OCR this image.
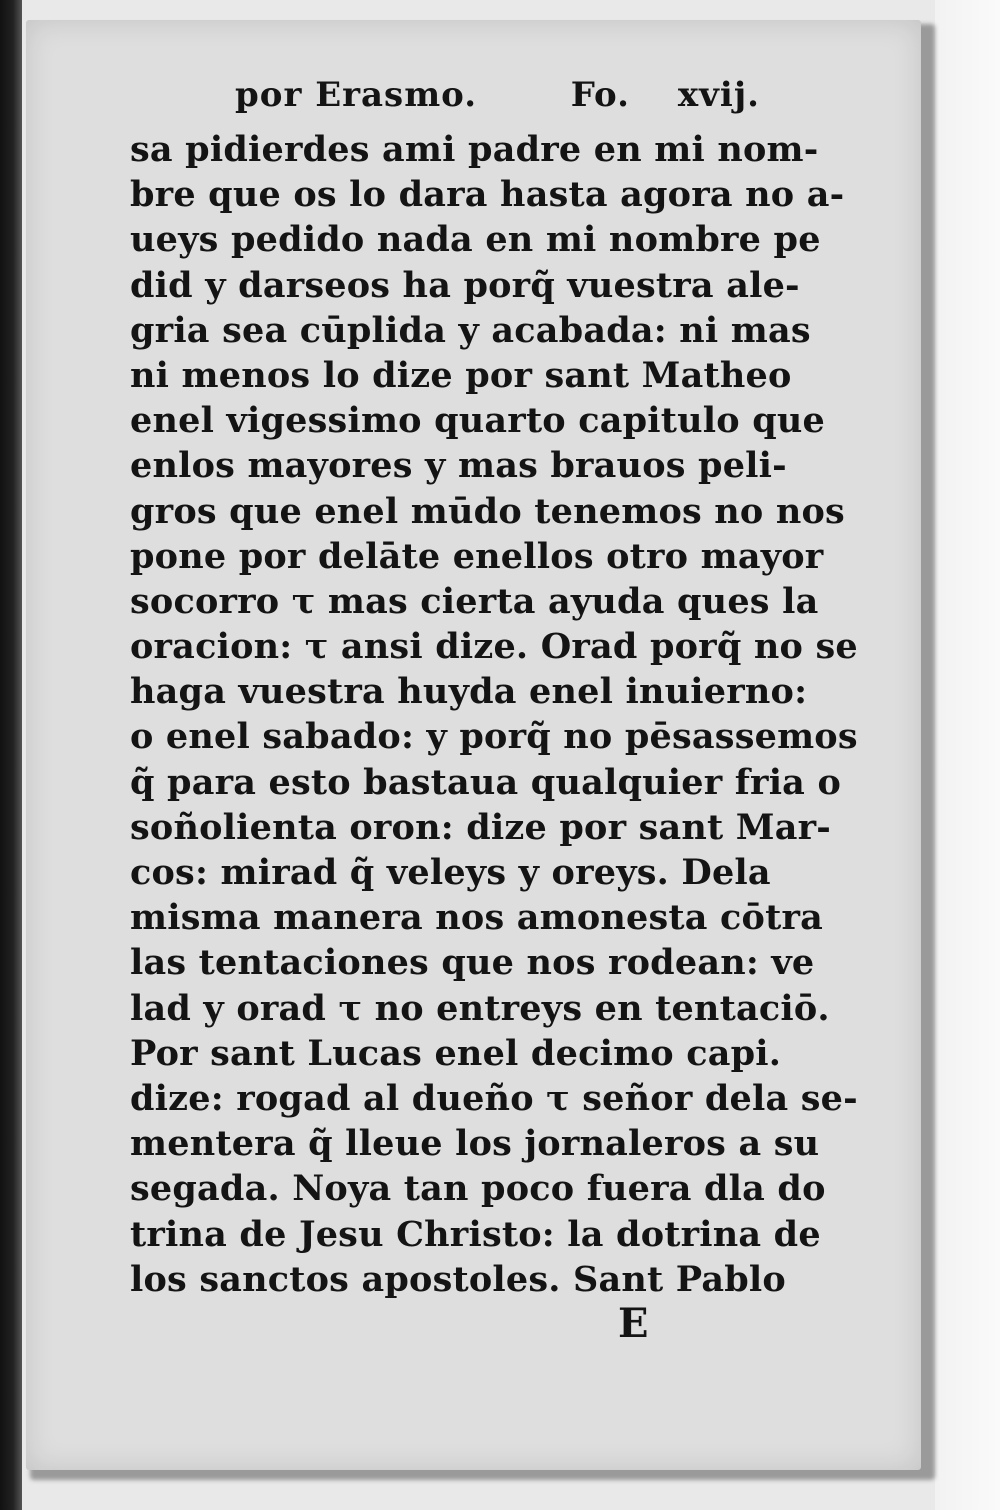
por Erasmo.	Fo. xvij.
sa pidierdes ami padre en mi nom-
bre que os lo dara hasta agora no a-
ueys pedido nada en mi nombre pe
did y darseos ha porq̃ vuestra ale-
gria sea cūplida y acabada: ni mas
ni menos lo dize por sant Matheo
enel vigessimo quarto capitulo que
enlos mayores y mas brauos peli-
gros que enel mūdo tenemos no nos
pone por delāte enellos otro mayor
socorro τ mas cierta ayuda ques la
oracion: τ ansi dize. Orad porq̃ no se
haga vuestra huyda enel inuierno:
o enel sabado: y porq̃ no pēsassemos
q̃ para esto bastaua qualquier fria o
soñolienta oron: dize por sant Mar-
cos: mirad q̃ veleys y oreys. Dela
misma manera nos amonesta cōtra
las tentaciones que nos rodean: ve
lad y orad τ no entreys en tentaciō.
Por sant Lucas enel decimo capi.
dize: rogad al dueño τ señor dela se-
mentera q̃ lleue los jornaleros a su
segada. Noya tan poco fuera dla do
trina de Jesu Christo: la dotrina de
los sanctos apostoles. Sant Pablo
E
